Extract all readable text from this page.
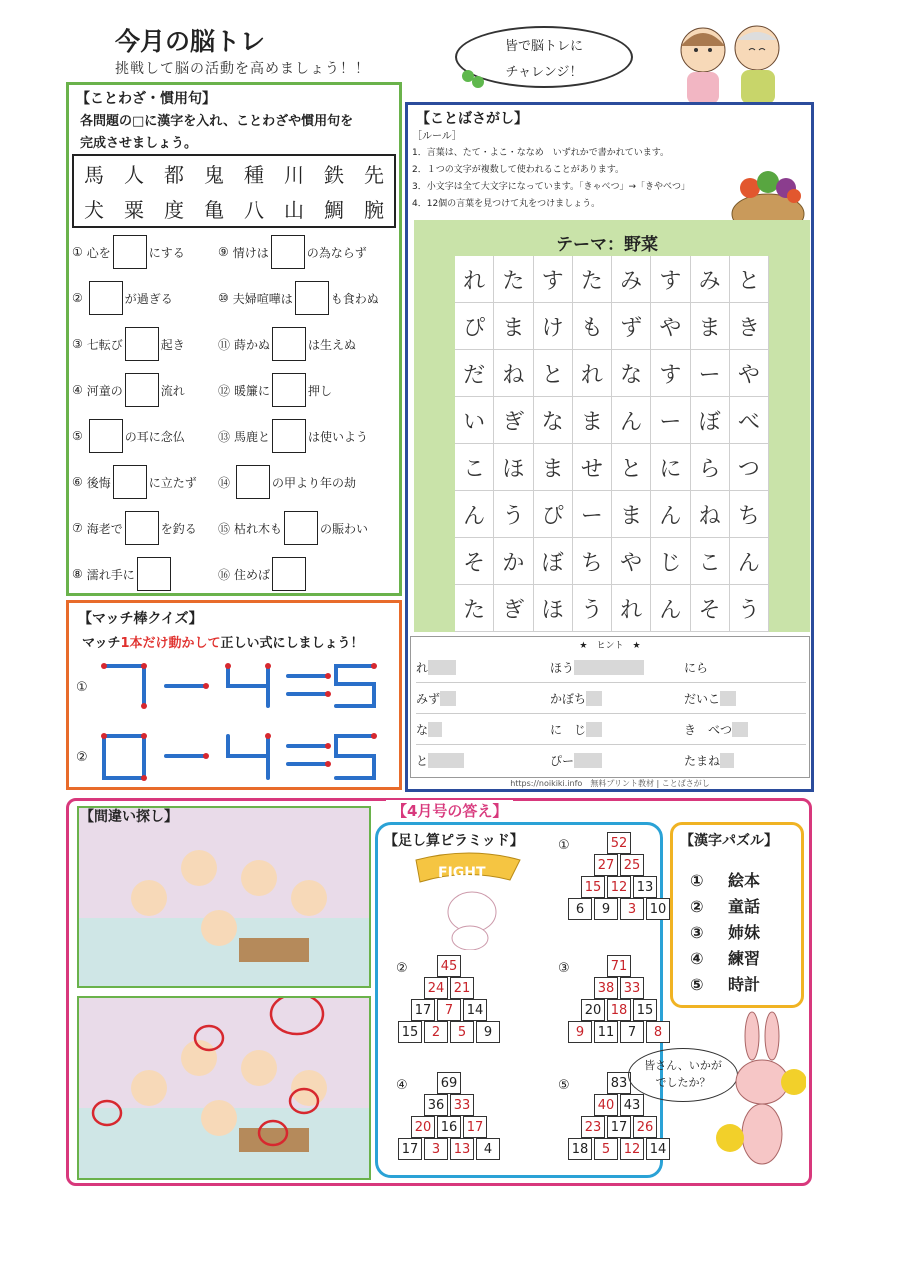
今月の脳トレ
挑戦して脳の活動を高めましょう！！
皆で脳トレに
チャレンジ！
【ことわざ・慣用句】
各問題の□に漢字を入れ、ことわざや慣用句を
完成させましょう。
馬	人	都	鬼	種	川	鉄	先
犬	粟	度	亀	八	山	鯛	腕
① 心を	にする
②	が過ぎる
③ 七転び	起き
④ 河童の	流れ
⑤	の耳に念仏
⑥ 後悔	に立たず
⑦ 海老で	を釣る
⑧ 濡れ手に
⑨ 情けは	の為ならず
⑩ 夫婦喧嘩は	も食わぬ
⑪ 蒔かぬ	は生えぬ
⑫ 暖簾に	押し
⑬ 馬鹿と	は使いよう
⑭	の甲より年の劫
⑮ 枯れ木も	の賑わい
⑯ 住めば
【マッチ棒クイズ】
マッチ1本だけ動かして正しい式にしましょう！
①
②
【ことばさがし】
［ルール］
1．言葉は、たて・よこ・ななめ　いずれかで書かれています。
2．１つの文字が複数して使われることがあります。
3．小文字は全て大文字になっています。「きゃべつ」→「きやべつ」
4．12個の言葉を見つけて丸をつけましょう。
テーマ：野菜
れ た す た み す み と
ぴ ま け も ず や ま き
だ ね と れ な す ー や
い ぎ な ま ん ー ぼ べ
こ ほ ま せ と に ら つ
ん う ぴ ー ま ん ね ち
そ か ぼ ち や じ こ ん
た ぎ ほ う れ ん そ う
★　ヒント　★
れ	ほう	にら
みず	かぼち	だいこ
な	に　じ	き　べつ
と	ぴー	たまね
https://noikiki.info　無料プリント教材 | ことばさがし
【4月号の答え】
【間違い探し】
【足し算ピラミッド】
FIGHT
①	52
27 25
15 12 13
6	9	3	10
②	45
24 21
17	7	14
15	2	5	9
③	71
38 33
20 18 15
9	11	7	8
④	69
36 33
20 16 17
17	3	13	4
⑤	83
40 43
23 17 26
18	5	12 14
【漢字パズル】
① 絵本
② 童話
③ 姉妹
④ 練習
⑤ 時計
皆さん、いかが
でしたか？
